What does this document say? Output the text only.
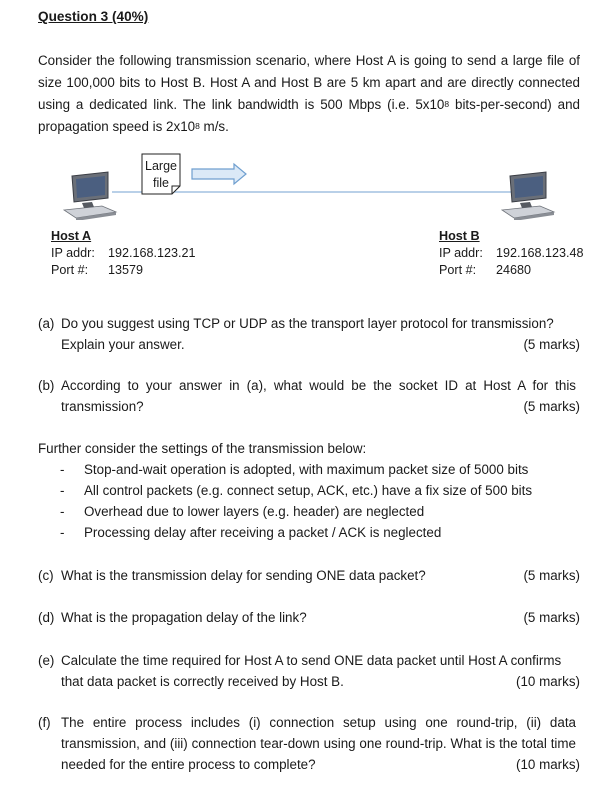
Question 3 (40%)
Consider the following transmission scenario, where Host A is going to send a large file of size 100,000 bits to Host B. Host A and Host B are 5 km apart and are directly connected using a dedicated link. The link bandwidth is 500 Mbps (i.e. $5x10^8$ bits-per-second) and propagation speed is $2x10^8$ m/s.
Large
file
Host A
IP addr: 192.168.123.21
Port #: 13579
Host B
IP addr: 192.168.123.48
Port #: 24680
(a) Do you suggest using TCP or UDP as the transport layer protocol for transmission? Explain your answer.	(5 marks)
(b) According to your answer in (a), what would be the socket ID at Host A for this transmission?	(5 marks)
Further consider the settings of the transmission below:
- Stop-and-wait operation is adopted, with maximum packet size of 5000 bits
- All control packets (e.g. connect setup, ACK, etc.) have a fix size of 500 bits
- Overhead due to lower layers (e.g. header) are neglected
- Processing delay after receiving a packet / ACK is neglected
(c) What is the transmission delay for sending ONE data packet?	(5 marks)
(d) What is the propagation delay of the link?	(5 marks)
(e) Calculate the time required for Host A to send ONE data packet until Host A confirms that data packet is correctly received by Host B.	(10 marks)
(f) The entire process includes (i) connection setup using one round-trip, (ii) data transmission, and (iii) connection tear-down using one round-trip. What is the total time needed for the entire process to complete?	(10 marks)
